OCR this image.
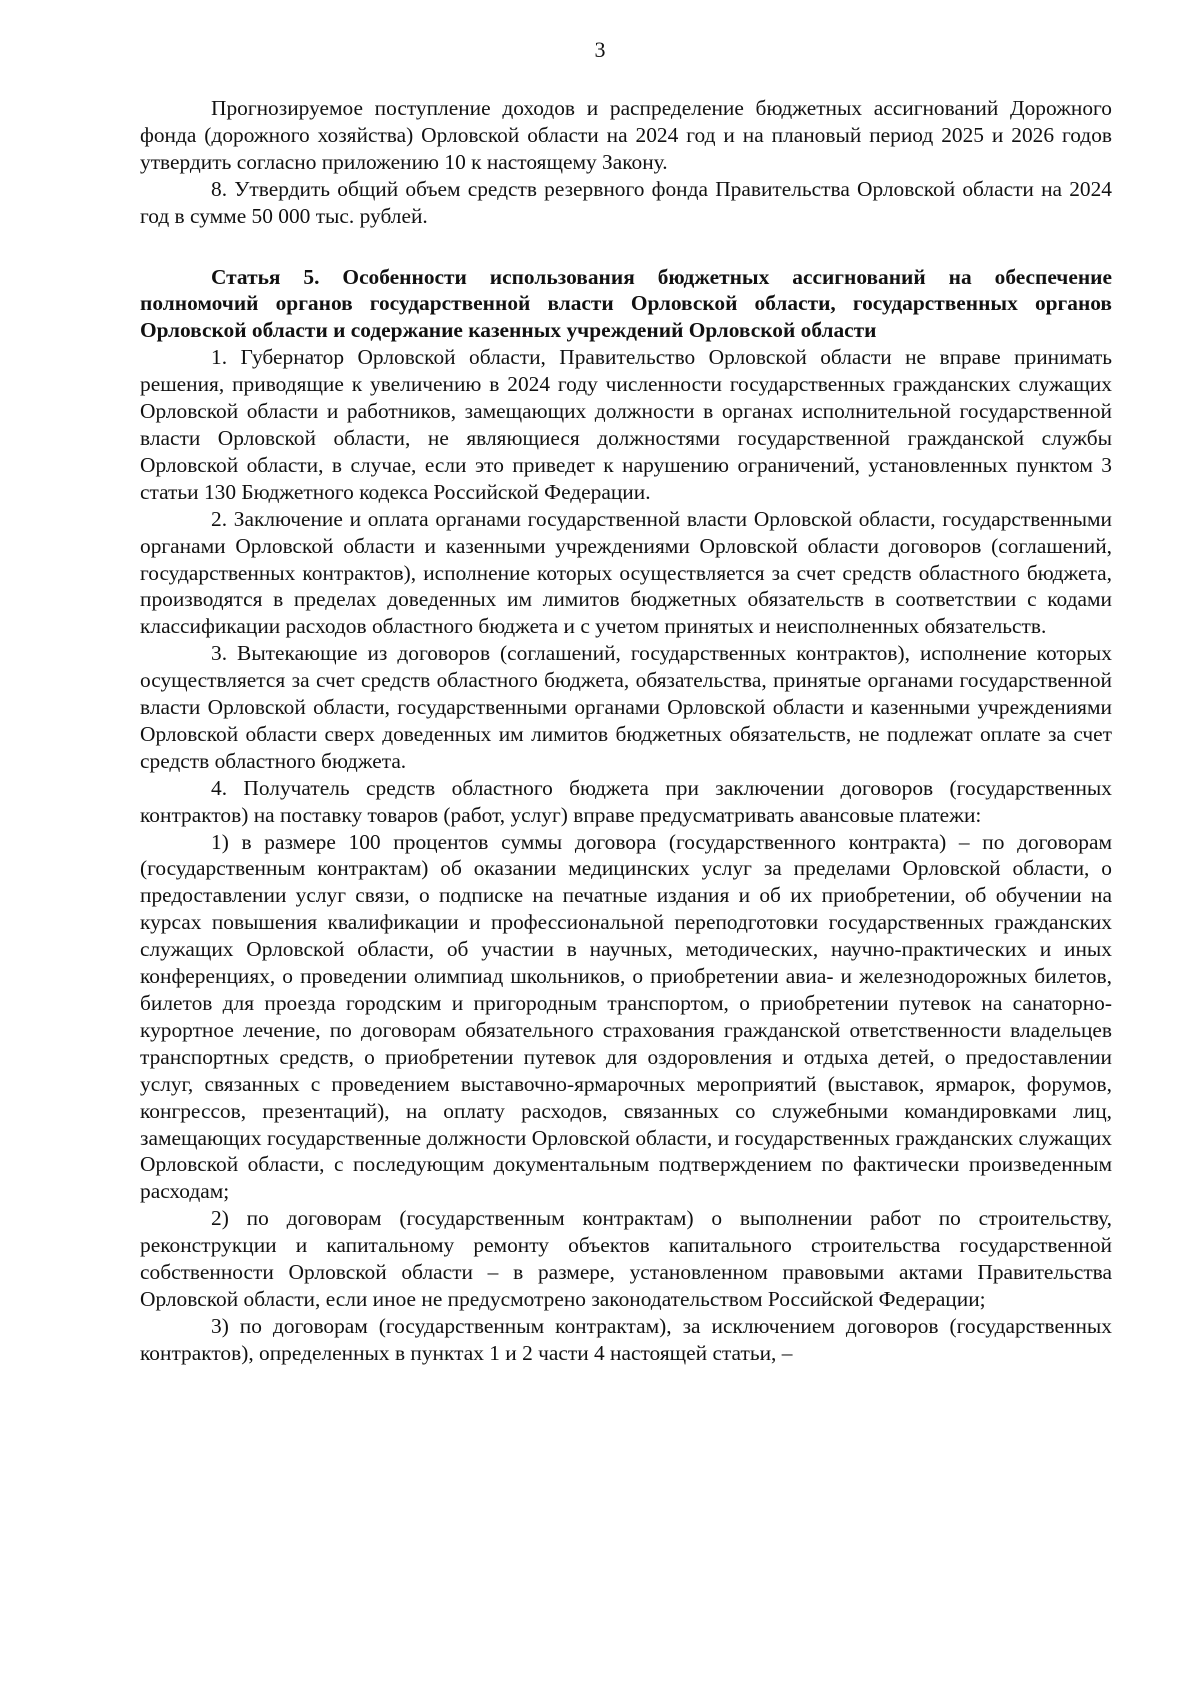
3

Прогнозируемое поступление доходов и распределение бюджетных ассигнований Дорожного фонда (дорожного хозяйства) Орловской области на 2024 год и на плановый период 2025 и 2026 годов утвердить согласно приложению 10 к настоящему Закону.

8. Утвердить общий объем средств резервного фонда Правительства Орловской области на 2024 год в сумме 50 000 тыс. рублей.

Статья 5. Особенности использования бюджетных ассигнований на обеспечение полномочий органов государственной власти Орловской области, государственных органов Орловской области и содержание казенных учреждений Орловской области

1. Губернатор Орловской области, Правительство Орловской области не вправе принимать решения, приводящие к увеличению в 2024 году численности государственных гражданских служащих Орловской области и работников, замещающих должности в органах исполнительной государственной власти Орловской области, не являющиеся должностями государственной гражданской службы Орловской области, в случае, если это приведет к нарушению ограничений, установленных пунктом 3 статьи 130 Бюджетного кодекса Российской Федерации.

2. Заключение и оплата органами государственной власти Орловской области, государственными органами Орловской области и казенными учреждениями Орловской области договоров (соглашений, государственных контрактов), исполнение которых осуществляется за счет средств областного бюджета, производятся в пределах доведенных им лимитов бюджетных обязательств в соответствии с кодами классификации расходов областного бюджета и с учетом принятых и неисполненных обязательств.

3. Вытекающие из договоров (соглашений, государственных контрактов), исполнение которых осуществляется за счет средств областного бюджета, обязательства, принятые органами государственной власти Орловской области, государственными органами Орловской области и казенными учреждениями Орловской области сверх доведенных им лимитов бюджетных обязательств, не подлежат оплате за счет средств областного бюджета.

4. Получатель средств областного бюджета при заключении договоров (государственных контрактов) на поставку товаров (работ, услуг) вправе предусматривать авансовые платежи:

1) в размере 100 процентов суммы договора (государственного контракта) – по договорам (государственным контрактам) об оказании медицинских услуг за пределами Орловской области, о предоставлении услуг связи, о подписке на печатные издания и об их приобретении, об обучении на курсах повышения квалификации и профессиональной переподготовки государственных гражданских служащих Орловской области, об участии в научных, методических, научно-практических и иных конференциях, о проведении олимпиад школьников, о приобретении авиа- и железнодорожных билетов, билетов для проезда городским и пригородным транспортом, о приобретении путевок на санаторно-курортное лечение, по договорам обязательного страхования гражданской ответственности владельцев транспортных средств, о приобретении путевок для оздоровления и отдыха детей, о предоставлении услуг, связанных с проведением выставочно-ярмарочных мероприятий (выставок, ярмарок, форумов, конгрессов, презентаций), на оплату расходов, связанных со служебными командировками лиц, замещающих государственные должности Орловской области, и государственных гражданских служащих Орловской области, с последующим документальным подтверждением по фактически произведенным расходам;

2) по договорам (государственным контрактам) о выполнении работ по строительству, реконструкции и капитальному ремонту объектов капитального строительства государственной собственности Орловской области – в размере, установленном правовыми актами Правительства Орловской области, если иное не предусмотрено законодательством Российской Федерации;

3) по договорам (государственным контрактам), за исключением договоров (государственных контрактов), определенных в пунктах 1 и 2 части 4 настоящей статьи, –
